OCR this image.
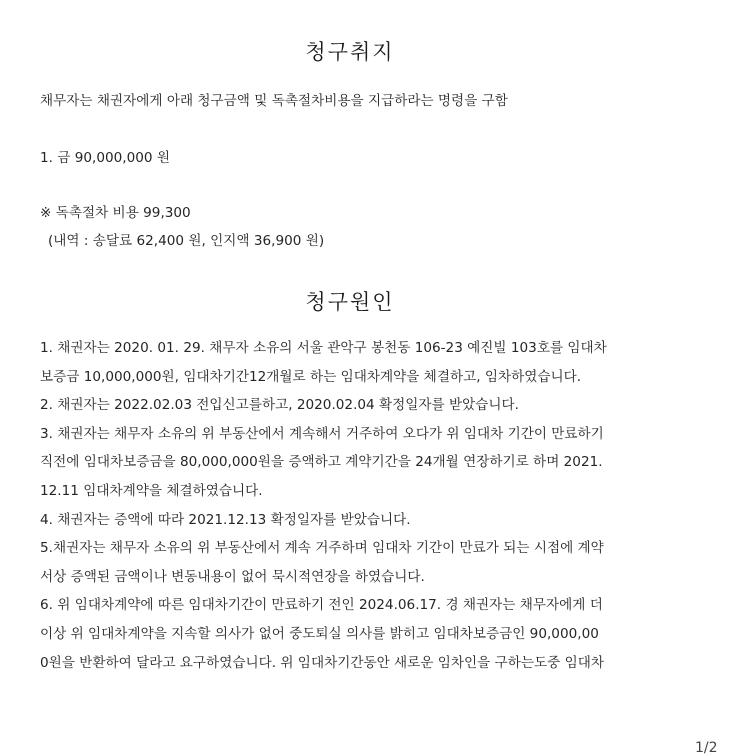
청구취지
채무자는 채권자에게 아래 청구금액 및 독촉절차비용을 지급하라는 명령을 구함
1. 금 90,000,000 원
※ 독촉절차 비용 99,300
(내역 : 송달료 62,400 원, 인지액 36,900 원)
청구원인
1. 채권자는 2020. 01. 29. 채무자 소유의 서울 관악구 봉천동 106-23 예진빌 103호를 임대차
보증금 10,000,000원, 임대차기간12개월로 하는 임대차계약을 체결하고, 임차하였습니다.
2. 채권자는 2022.02.03 전입신고를하고, 2020.02.04 확정일자를 받았습니다.
3. 채권자는 채무자 소유의 위 부동산에서 계속해서 거주하여 오다가 위 임대차 기간이 만료하기
직전에 임대차보증금을 80,000,000원을 증액하고 계약기간을 24개월 연장하기로 하며 2021.
12.11 임대차계약을 체결하였습니다.
4. 채권자는 증액에 따라 2021.12.13 확정일자를 받았습니다.
5.채권자는 채무자 소유의 위 부동산에서 계속 거주하며 임대차 기간이 만료가 되는 시점에 계약
서상 증액된 금액이나 변동내용이 없어 묵시적연장을 하였습니다.
6. 위 임대차계약에 따른 임대차기간이 만료하기 전인 2024.06.17. 경 채권자는 채무자에게 더
이상 위 임대차계약을 지속할 의사가 없어 중도퇴실 의사를 밝히고 임대차보증금인 90,000,00
0원을 반환하여 달라고 요구하였습니다. 위 임대차기간동안 새로운 임차인을 구하는도중 임대차
1/2
